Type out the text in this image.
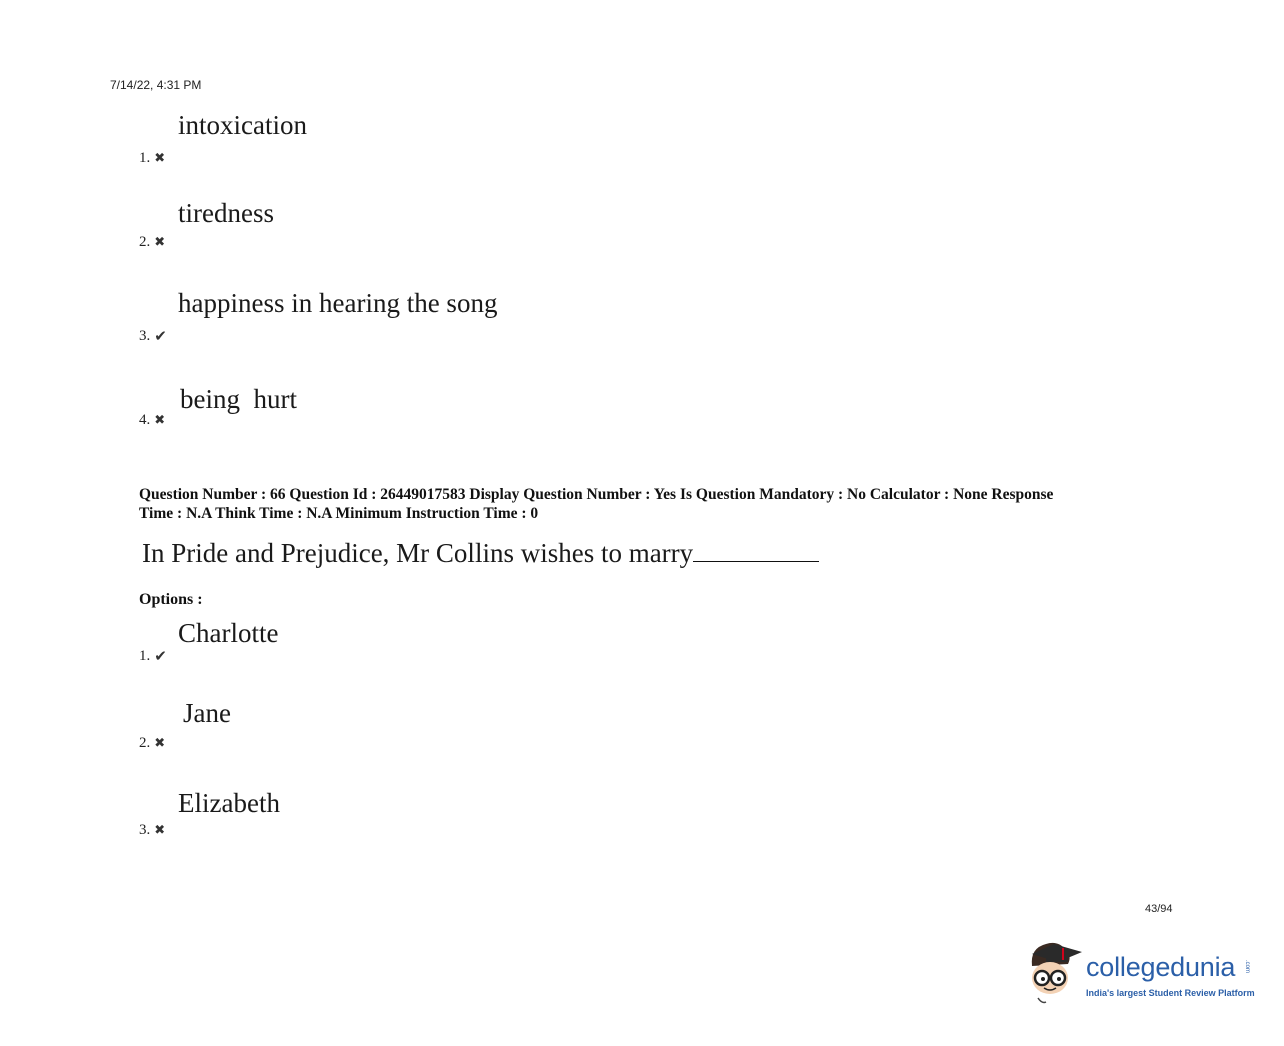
7/14/22, 4:31 PM
intoxication
1. ✖
tiredness
2. ✖
happiness in hearing the song
3. ✔
being  hurt
4. ✖
Question Number : 66 Question Id : 26449017583 Display Question Number : Yes Is Question Mandatory : No Calculator : None Response
Time : N.A Think Time : N.A Minimum Instruction Time : 0
In Pride and Prejudice, Mr Collins wishes to marry
Options :
Charlotte
1. ✔
Jane
2. ✖
Elizabeth
3. ✖
43/94
collegedunia .com
India's largest Student Review Platform
